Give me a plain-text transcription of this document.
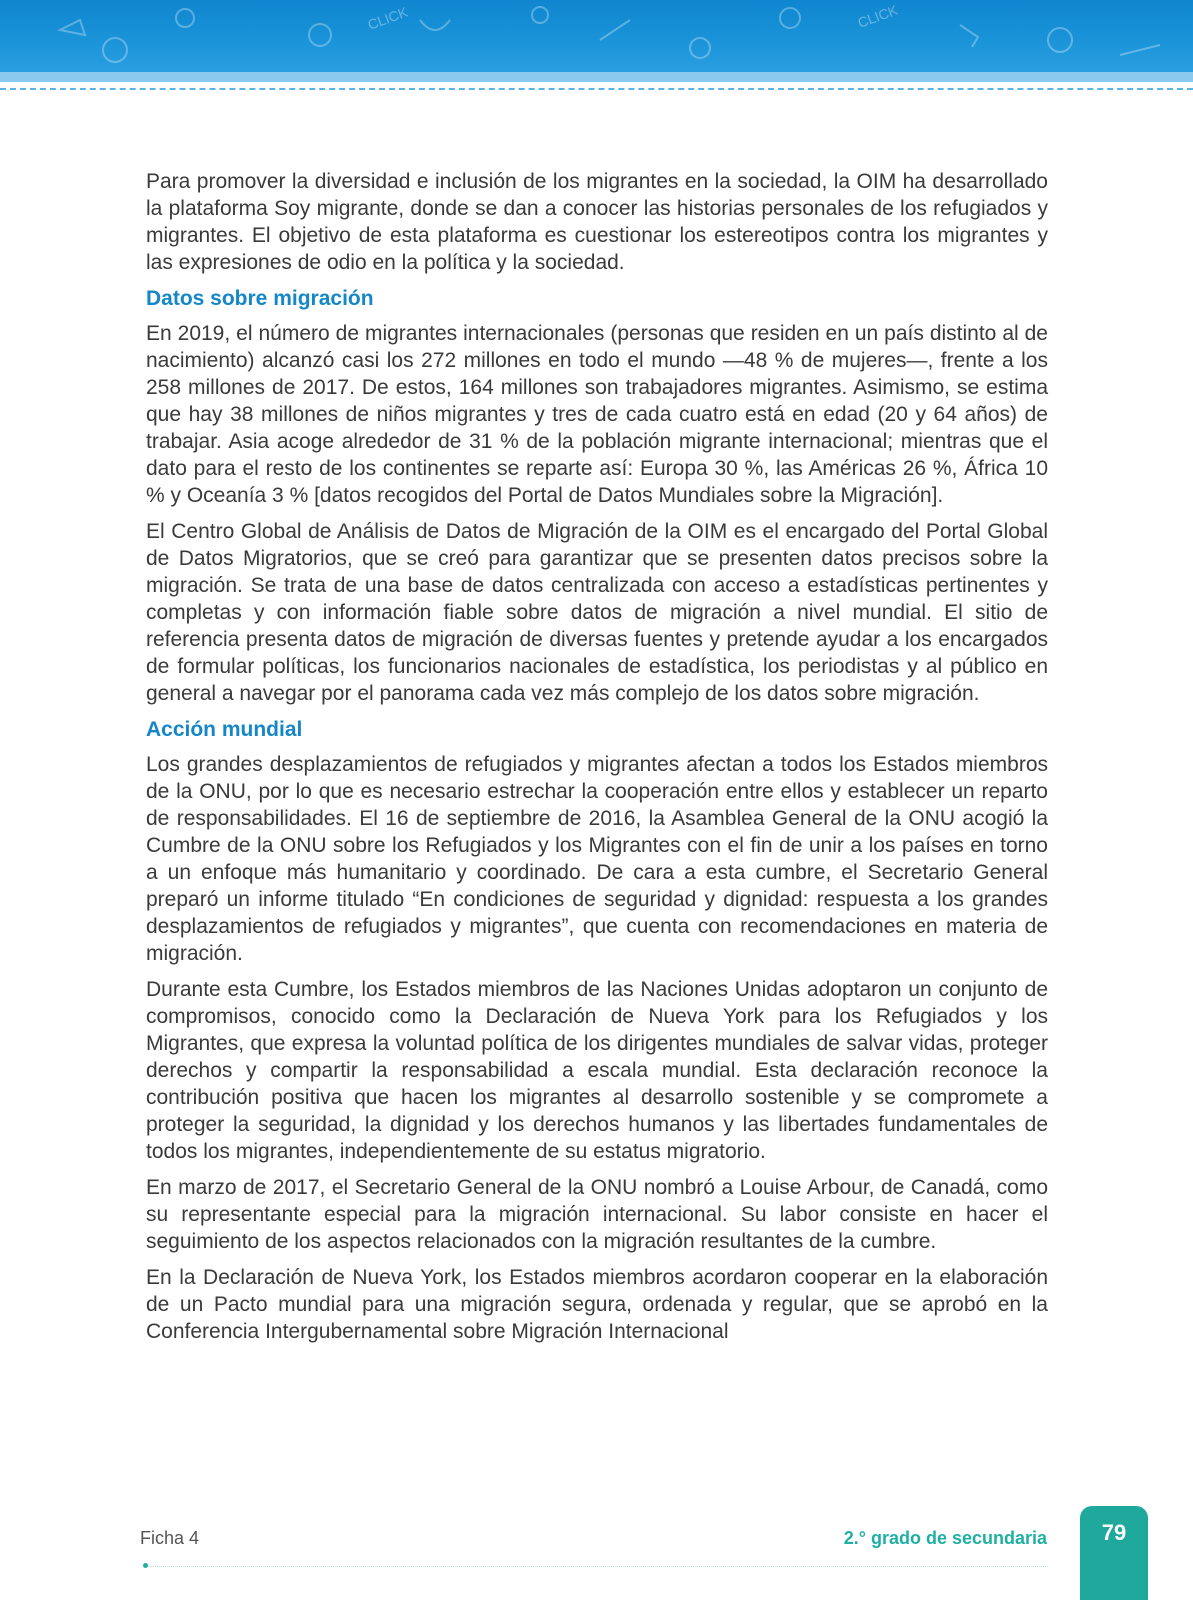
CLICK	CLICK

Para promover la diversidad e inclusión de los migrantes en la sociedad, la OIM ha desarrollado la plataforma Soy migrante, donde se dan a conocer las historias personales de los refugiados y migrantes. El objetivo de esta plataforma es cuestionar los estereotipos contra los migrantes y las expresiones de odio en la política y la sociedad.

Datos sobre migración

En 2019, el número de migrantes internacionales (personas que residen en un país distinto al de nacimiento) alcanzó casi los 272 millones en todo el mundo —48 % de mujeres—, frente a los 258 millones de 2017. De estos, 164 millones son trabajadores migrantes. Asimismo, se estima que hay 38 millones de niños migrantes y tres de cada cuatro está en edad (20 y 64 años) de trabajar. Asia acoge alrededor de 31 % de la población migrante internacional; mientras que el dato para el resto de los continentes se reparte así: Europa 30 %, las Américas 26 %, África 10 % y Oceanía 3 % [datos recogidos del Portal de Datos Mundiales sobre la Migración].

El Centro Global de Análisis de Datos de Migración de la OIM es el encargado del Portal Global de Datos Migratorios, que se creó para garantizar que se presenten datos precisos sobre la migración. Se trata de una base de datos centralizada con acceso a estadísticas pertinentes y completas y con información fiable sobre datos de migración a nivel mundial. El sitio de referencia presenta datos de migración de diversas fuentes y pretende ayudar a los encargados de formular políticas, los funcionarios nacionales de estadística, los periodistas y al público en general a navegar por el panorama cada vez más complejo de los datos sobre migración.

Acción mundial

Los grandes desplazamientos de refugiados y migrantes afectan a todos los Estados miembros de la ONU, por lo que es necesario estrechar la cooperación entre ellos y establecer un reparto de responsabilidades. El 16 de septiembre de 2016, la Asamblea General de la ONU acogió la Cumbre de la ONU sobre los Refugiados y los Migrantes con el fin de unir a los países en torno a un enfoque más humanitario y coordinado. De cara a esta cumbre, el Secretario General preparó un informe titulado “En condiciones de seguridad y dignidad: respuesta a los grandes desplazamientos de refugiados y migrantes”, que cuenta con recomendaciones en materia de migración.

Durante esta Cumbre, los Estados miembros de las Naciones Unidas adoptaron un conjunto de compromisos, conocido como la Declaración de Nueva York para los Refugiados y los Migrantes, que expresa la voluntad política de los dirigentes mundiales de salvar vidas, proteger derechos y compartir la responsabilidad a escala mundial. Esta declaración reconoce la contribución positiva que hacen los migrantes al desarrollo sostenible y se compromete a proteger la seguridad, la dignidad y los derechos humanos y las libertades fundamentales de todos los migrantes, independientemente de su estatus migratorio.

En marzo de 2017, el Secretario General de la ONU nombró a Louise Arbour, de Canadá, como su representante especial para la migración internacional. Su labor consiste en hacer el seguimiento de los aspectos relacionados con la migración resultantes de la cumbre.

En la Declaración de Nueva York, los Estados miembros acordaron cooperar en la elaboración de un Pacto mundial para una migración segura, ordenada y regular, que se aprobó en la Conferencia Intergubernamental sobre Migración Internacional

Ficha 4	2.° grado de secundaria	79
